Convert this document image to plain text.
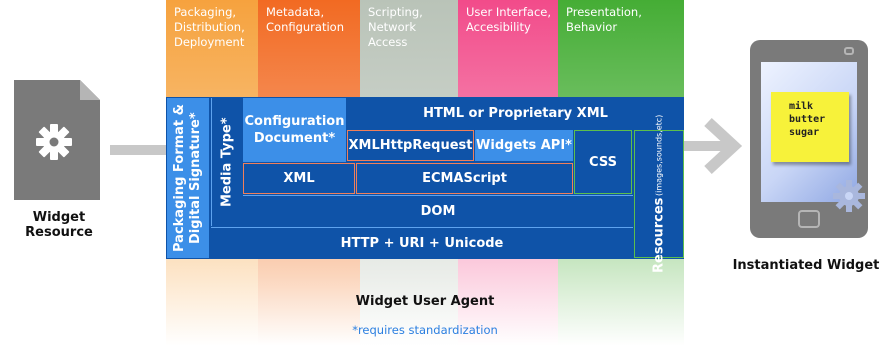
Packaging,
Distribution,
Deployment
Metadata,
Configuration
Scripting,
Network Access
User Interface,
Accesibility
Presentation,
Behavior
Widget Resource	Packaging Format &
Digital Signature* Media Type* Configuration
Document*
HTML or Proprietary XML
XMLHttpRequest Widgets API*
CSS
XML	ECMAScript
Resources
(images,sounds,etc)
DOM
HTTP + URI + Unicode
milk
butter
sugar
Instantiated Widget
Widget User Agent
*requires standardization
